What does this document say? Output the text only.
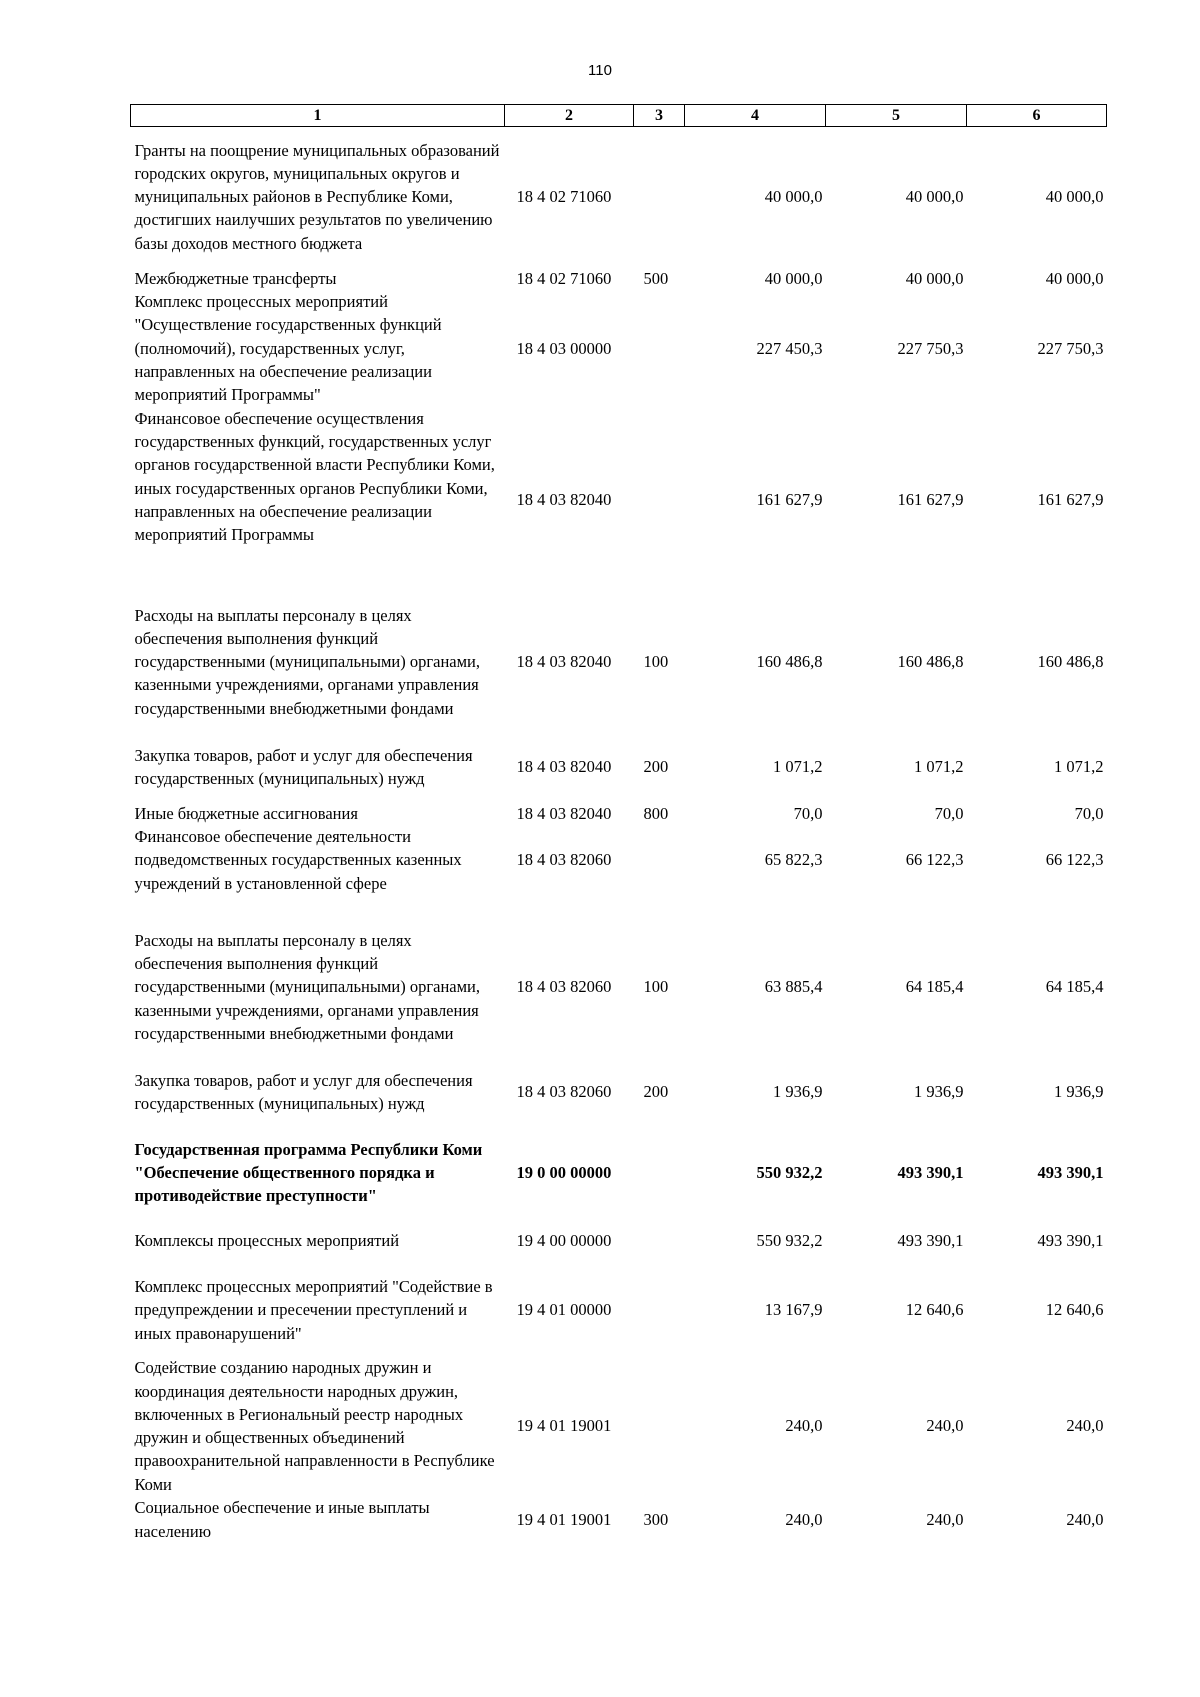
110
1	2	3	4	5	6
Гранты на поощрение муниципальных образований городских округов, муниципальных округов и муниципальных районов в Республике Коми, достигших наилучших результатов по увеличению базы доходов местного бюджета	18 4 02 71060		40 000,0	40 000,0	40 000,0
Межбюджетные трансферты	18 4 02 71060	500	40 000,0	40 000,0	40 000,0
Комплекс процессных мероприятий "Осуществление государственных функций (полномочий), государственных услуг, направленных на обеспечение реализации мероприятий Программы"	18 4 03 00000		227 450,3	227 750,3	227 750,3
Финансовое обеспечение осуществления государственных функций, государственных услуг органов государственной власти Республики Коми, иных государственных органов Республики Коми, направленных на обеспечение реализации мероприятий Программы	18 4 03 82040		161 627,9	161 627,9	161 627,9
Расходы на выплаты персоналу в целях обеспечения выполнения функций государственными (муниципальными) органами, казенными учреждениями, органами управления государственными внебюджетными фондами	18 4 03 82040	100	160 486,8	160 486,8	160 486,8
Закупка товаров, работ и услуг для обеспечения государственных (муниципальных) нужд	18 4 03 82040	200	1 071,2	1 071,2	1 071,2
Иные бюджетные ассигнования	18 4 03 82040	800	70,0	70,0	70,0
Финансовое обеспечение деятельности подведомственных государственных казенных учреждений в установленной сфере	18 4 03 82060		65 822,3	66 122,3	66 122,3
Расходы на выплаты персоналу в целях обеспечения выполнения функций государственными (муниципальными) органами, казенными учреждениями, органами управления государственными внебюджетными фондами	18 4 03 82060	100	63 885,4	64 185,4	64 185,4
Закупка товаров, работ и услуг для обеспечения государственных (муниципальных) нужд	18 4 03 82060	200	1 936,9	1 936,9	1 936,9
Государственная программа Республики Коми "Обеспечение общественного порядка и противодействие преступности"	19 0 00 00000		550 932,2	493 390,1	493 390,1
Комплексы процессных мероприятий	19 4 00 00000		550 932,2	493 390,1	493 390,1
Комплекс процессных мероприятий "Содействие в предупреждении и пресечении преступлений и иных правонарушений"	19 4 01 00000		13 167,9	12 640,6	12 640,6
Содействие созданию народных дружин и координация деятельности народных дружин, включенных в Региональный реестр народных дружин и общественных объединений правоохранительной направленности в Республике Коми	19 4 01 19001		240,0	240,0	240,0
Социальное обеспечение и иные выплаты населению	19 4 01 19001	300	240,0	240,0	240,0
